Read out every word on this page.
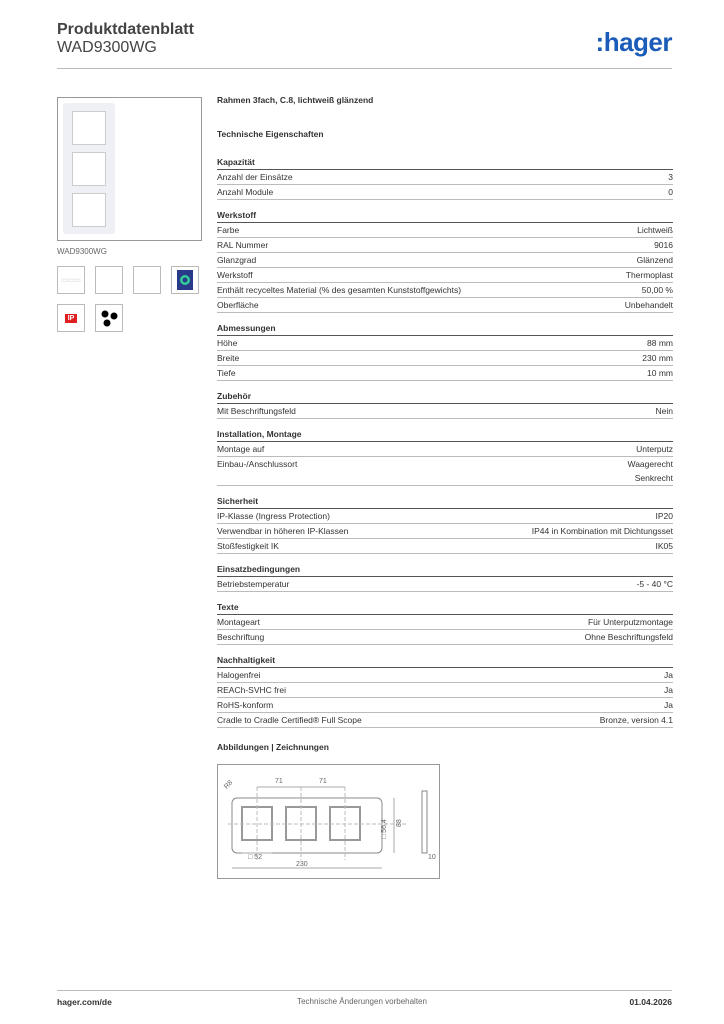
Produktdatenblatt
WAD9300WG	:hager
WAD9300WG
▭▭▭
IP
Rahmen 3fach, C.8, lichtweiß glänzend
Technische Eigenschaften
Kapazität
Anzahl der Einsätze	3
Anzahl Module	0
Werkstoff
Farbe	Lichtweiß
RAL Nummer	9016
Glanzgrad	Glänzend
Werkstoff	Thermoplast
Enthält recyceltes Material (% des gesamten Kunststoffgewichts)	50,00 %
Oberfläche	Unbehandelt
Abmessungen
Höhe	88 mm
Breite	230 mm
Tiefe	10 mm
Zubehör
Mit Beschriftungsfeld	Nein
Installation, Montage
Montage auf	Unterputz
Einbau-/Anschlussort	Waagerecht
Senkrecht
Sicherheit
IP-Klasse (Ingress Protection)	IP20
Verwendbar in höheren IP-Klassen	IP44 in Kombination mit Dichtungsset
Stoßfestigkeit IK	IK05
Einsatzbedingungen
Betriebstemperatur	-5 - 40 °C
Texte
Montageart	Für Unterputzmontage
Beschriftung	Ohne Beschriftungsfeld
Nachhaltigkeit
Halogenfrei	Ja
REACh-SVHC frei	Ja
RoHS-konform	Ja
Cradle to Cradle Certified® Full Scope	Bronze, version 4.1
Abbildungen | Zeichnungen
71	71
R8
□ 56,4 88
□ 52
230
10
hager.com/de	Technische Änderungen vorbehalten	01.04.2026
